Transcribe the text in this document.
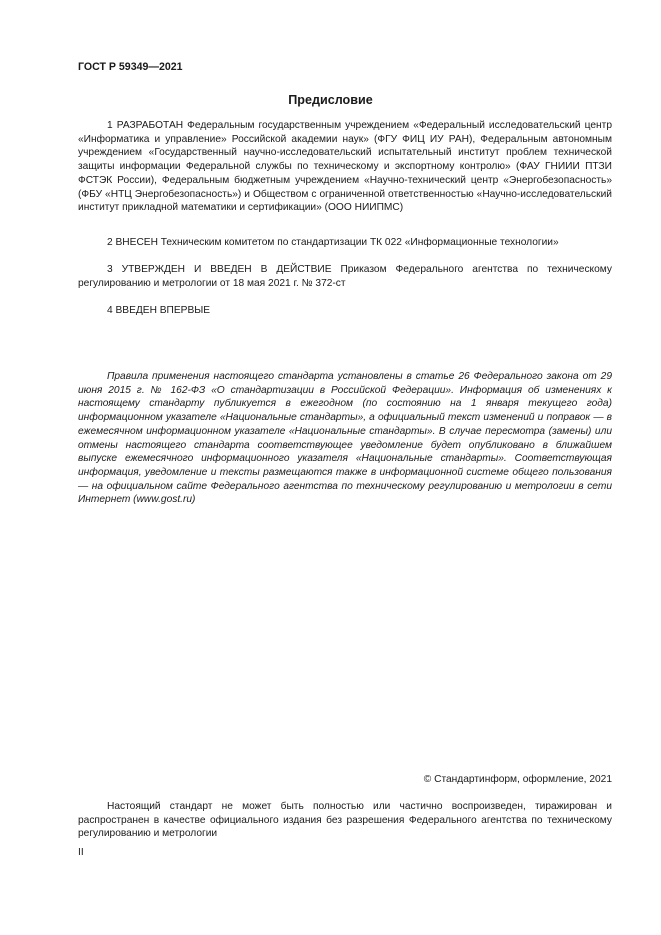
ГОСТ Р 59349—2021
Предисловие

1 РАЗРАБОТАН Федеральным государственным учреждением «Федеральный исследовательский центр «Информатика и управление» Российской академии наук» (ФГУ ФИЦ ИУ РАН), Федеральным автономным учреждением «Государственный научно-исследовательский испытательный институт проблем технической защиты информации Федеральной службы по техническому и экспортному контролю» (ФАУ ГНИИИ ПТЗИ ФСТЭК России), Федеральным бюджетным учреждением «Научно-технический центр «Энергобезопасность» (ФБУ «НТЦ Энергобезопасность») и Обществом с ограниченной ответственностью «Научно-исследовательский институт прикладной математики и сертификации» (ООО НИИПМС)

2 ВНЕСЕН Техническим комитетом по стандартизации ТК 022 «Информационные технологии»

3 УТВЕРЖДЕН И ВВЕДЕН В ДЕЙСТВИЕ Приказом Федерального агентства по техническому регулированию и метрологии от 18 мая 2021 г. № 372-ст

4 ВВЕДЕН ВПЕРВЫЕ

Правила применения настоящего стандарта установлены в статье 26 Федерального закона от 29 июня 2015 г. № 162-ФЗ «О стандартизации в Российской Федерации». Информация об изменениях к настоящему стандарту публикуется в ежегодном (по состоянию на 1 января текущего года) информационном указателе «Национальные стандарты», а официальный текст изменений и поправок — в ежемесячном информационном указателе «Национальные стандарты». В случае пересмотра (замены) или отмены настоящего стандарта соответствующее уведомление будет опубликовано в ближайшем выпуске ежемесячного информационного указателя «Национальные стандарты». Соответствующая информация, уведомление и тексты размещаются также в информационной системе общего пользования — на официальном сайте Федерального агентства по техническому регулированию и метрологии в сети Интернет (www.gost.ru)

© Стандартинформ, оформление, 2021

Настоящий стандарт не может быть полностью или частично воспроизведен, тиражирован и распространен в качестве официального издания без разрешения Федерального агентства по техническому регулированию и метрологии

II
